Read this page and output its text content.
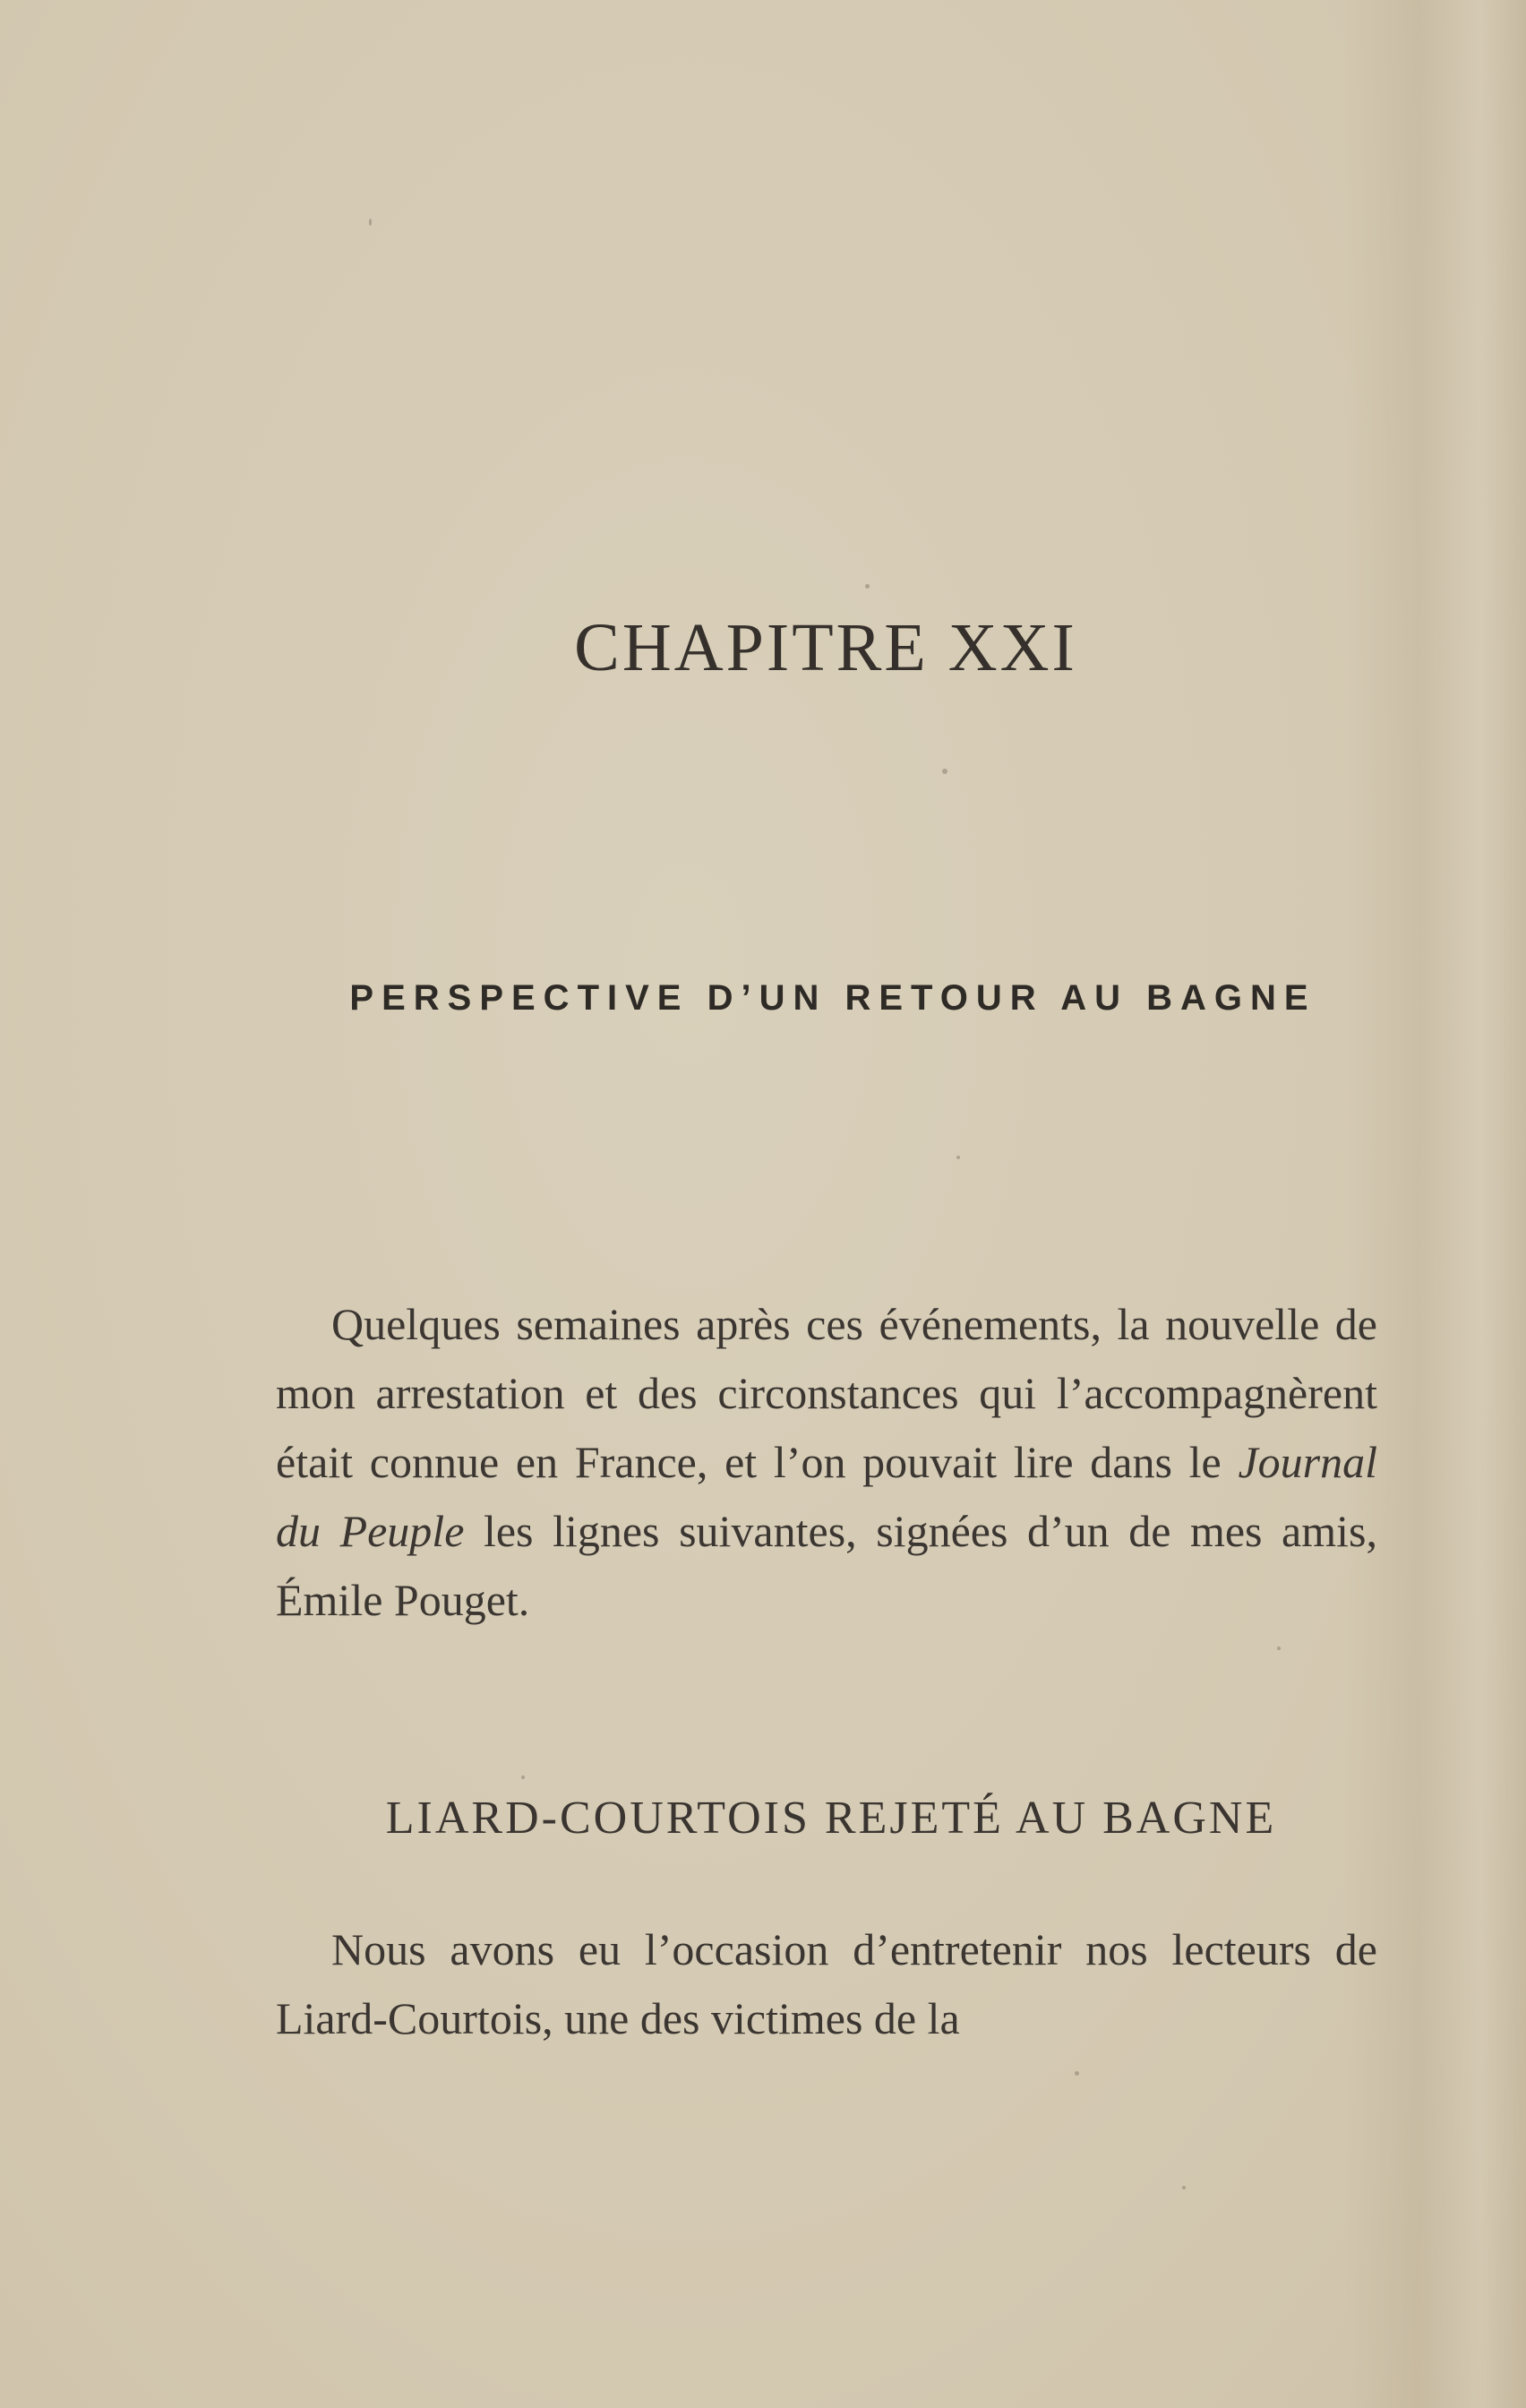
CHAPITRE XXI
PERSPECTIVE D’UN RETOUR AU BAGNE

Quelques semaines après ces événements, la nouvelle de mon arrestation et des circonstances qui l’accompagnèrent était connue en France, et l’on pouvait lire dans le Journal du Peuple les lignes suivantes, signées d’un de mes amis, Émile Pouget.

LIARD-COURTOIS REJETÉ AU BAGNE

Nous avons eu l’occasion d’entretenir nos lecteurs de Liard-Courtois, une des victimes de la
